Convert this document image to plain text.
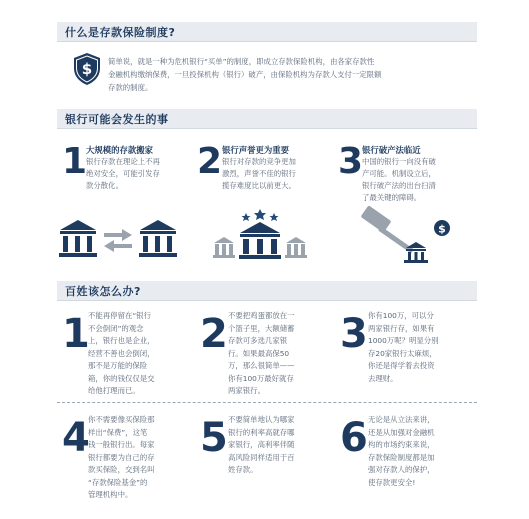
什么是存款保险制度?
$ 简单说，就是一种为危机银行“买单”的制度，即成立存款保险机构，由各家存款性
金融机构缴纳保费，一旦投保机构（银行）破产，由保险机构为存款人支付一定限额
存款的制度。
银行可能会发生的事
1
大规模的存款搬家
银行存款在理论上不再
绝对安全，可能引发存
款分散化。
2 银行声誉更为重要
银行对存款的竞争更加
激烈，声誉不佳的银行
揽存难度比以前更大。
3
银行破产法临近
中国的银行一向没有破
产可能。机制设立后，
银行破产法的出台扫清
了最关键的障碍。
$
百姓该怎么办?
1
不能再停留在“银行
不会倒闭”的观念
上，银行也是企业，
经营不善也会倒闭，
那不是万能的保险
箱，你的钱仅仅是交
给他打理而已。
2 不要把鸡蛋都放在一
个篮子里，大额储蓄
存款可多选几家银
行。如果最高保50
万，那么很简单——
你有100万最好就存
两家银行。
3 你有100万，可以分
两家银行存，如果有
1000万呢？明显分别
存20家银行太麻烦，
你还是得学着去投资
去理财。
4
你不需要像买保险那
样出“保费”，这笔
钱一般银行出。每家
银行都要为自己的存
款买保险，交到名叫
“存款保险基金”的
管理机构中。
5 不要简单地认为哪家
银行的利率高就存哪
家银行，高利率伴随
高风险同样适用于百
姓存款。
6 无论是从立法来讲，
还是从加强对金融机
构的市场约束来说，
存款保险制度都是加
强对存款人的保护，
使存款更安全!
